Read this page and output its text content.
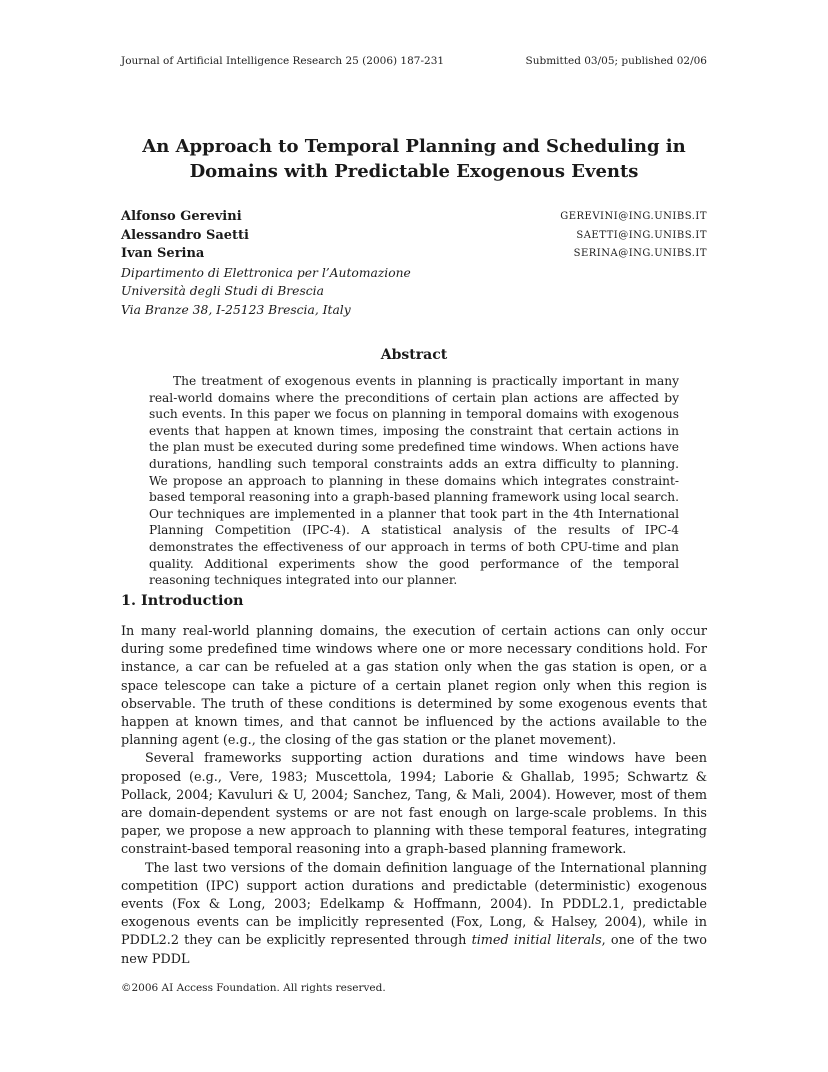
Journal of Artificial Intelligence Research 25 (2006) 187-231	Submitted 03/05; published 02/06
An Approach to Temporal Planning and Scheduling in
Domains with Predictable Exogenous Events
Alfonso Gerevini	GEREVINI@ING.UNIBS.IT
Alessandro Saetti	SAETTI@ING.UNIBS.IT
Ivan Serina	SERINA@ING.UNIBS.IT
Dipartimento di Elettronica per l’Automazione
Università degli Studi di Brescia
Via Branze 38, I-25123 Brescia, Italy
Abstract

The treatment of exogenous events in planning is practically important in many real-world domains where the preconditions of certain plan actions are affected by such events. In this paper we focus on planning in temporal domains with exogenous events that happen at known times, imposing the constraint that certain actions in the plan must be executed during some predefined time windows. When actions have durations, handling such temporal constraints adds an extra difficulty to planning. We propose an approach to planning in these domains which integrates constraint-based temporal reasoning into a graph-based planning framework using local search. Our techniques are implemented in a planner that took part in the 4th International Planning Competition (IPC-4). A statistical analysis of the results of IPC-4 demonstrates the effectiveness of our approach in terms of both CPU-time and plan quality. Additional experiments show the good performance of the temporal reasoning techniques integrated into our planner.

1. Introduction

In many real-world planning domains, the execution of certain actions can only occur during some predefined time windows where one or more necessary conditions hold. For instance, a car can be refueled at a gas station only when the gas station is open, or a space telescope can take a picture of a certain planet region only when this region is observable. The truth of these conditions is determined by some exogenous events that happen at known times, and that cannot be influenced by the actions available to the planning agent (e.g., the closing of the gas station or the planet movement).

Several frameworks supporting action durations and time windows have been proposed (e.g., Vere, 1983; Muscettola, 1994; Laborie & Ghallab, 1995; Schwartz & Pollack, 2004; Kavuluri & U, 2004; Sanchez, Tang, & Mali, 2004). However, most of them are domain-dependent systems or are not fast enough on large-scale problems. In this paper, we propose a new approach to planning with these temporal features, integrating constraint-based temporal reasoning into a graph-based planning framework.

The last two versions of the domain definition language of the International planning competition (IPC) support action durations and predictable (deterministic) exogenous events (Fox & Long, 2003; Edelkamp & Hoffmann, 2004). In PDDL2.1, predictable exogenous events can be implicitly represented (Fox, Long, & Halsey, 2004), while in PDDL2.2 they can be explicitly represented through timed initial literals, one of the two new PDDL

©2006 AI Access Foundation. All rights reserved.
